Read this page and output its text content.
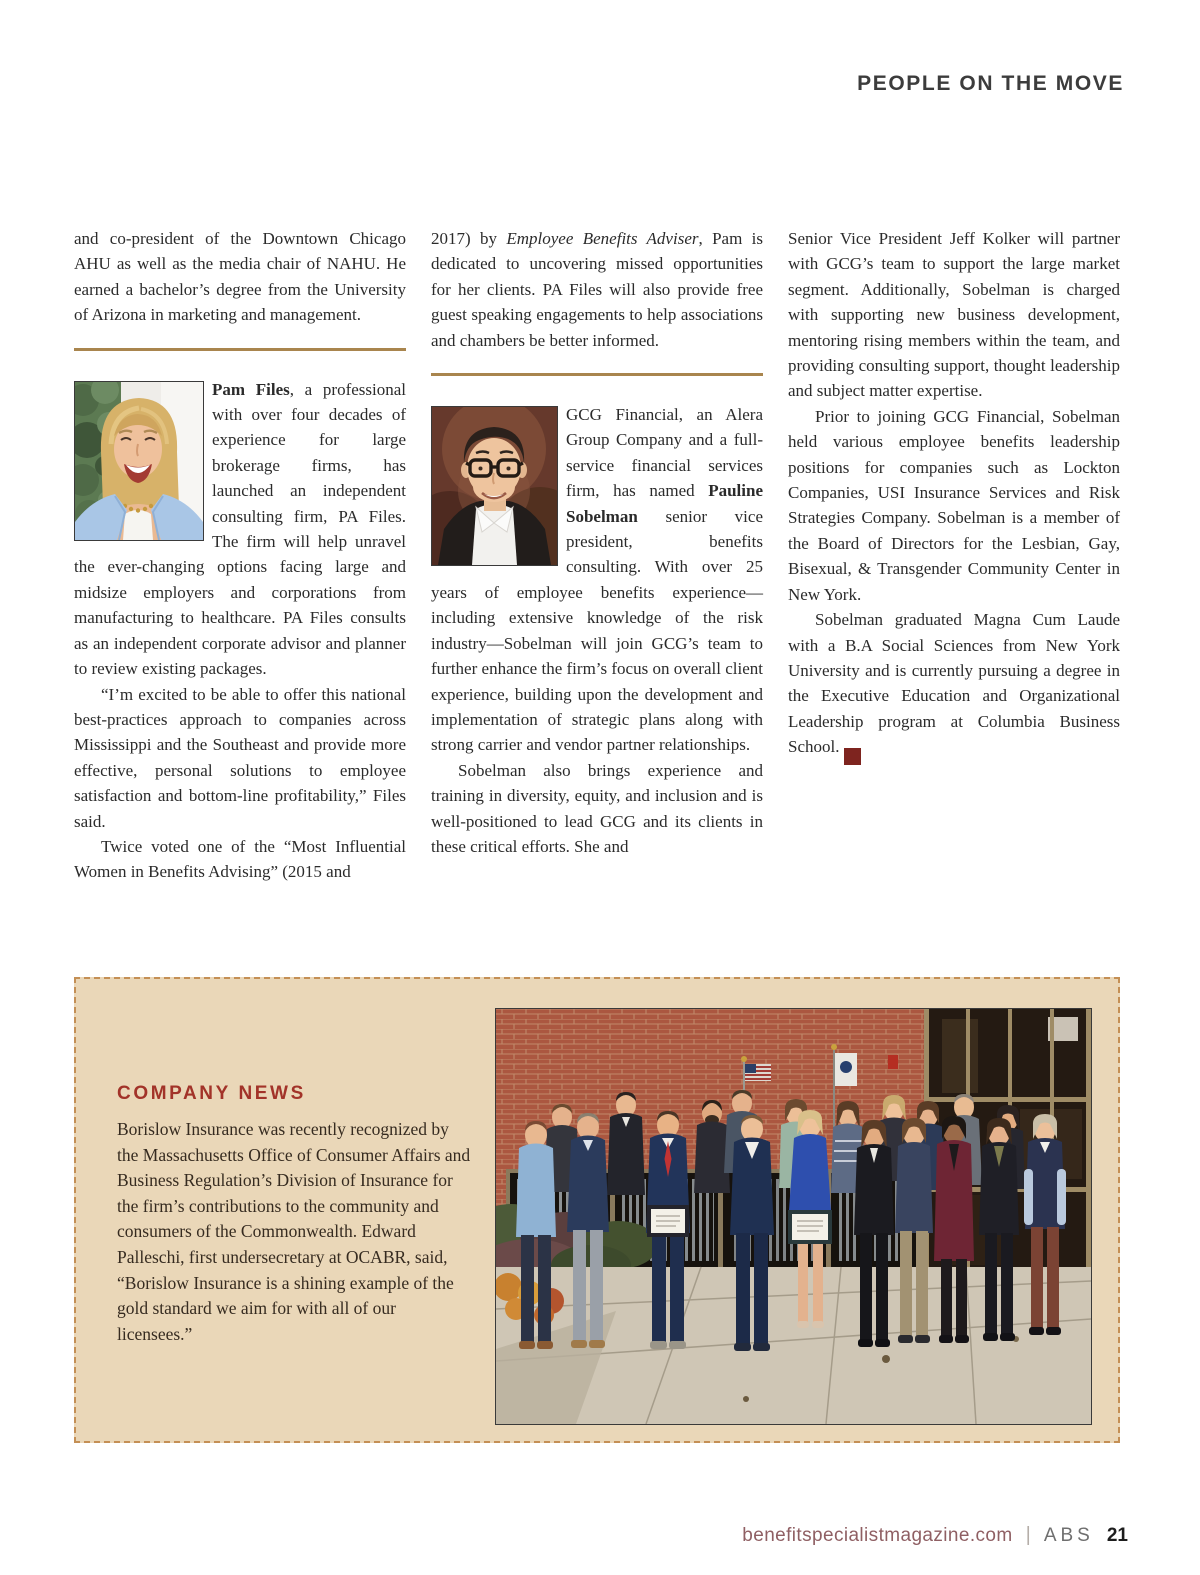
PEOPLE ON THE MOVE

and co-president of the Downtown Chicago AHU as well as the media chair of NAHU. He earned a bachelor’s degree from the University of Arizona in marketing and management.

Pam Files, a professional with over four decades of experience for large brokerage firms, has launched an independent consulting firm, PA Files. The firm will help unravel the ever-changing options facing large and midsize employers and corporations from manufacturing to healthcare. PA Files consults as an independent corporate advisor and planner to review existing packages.

“I’m excited to be able to offer this national best-practices approach to companies across Mississippi and the Southeast and provide more effective, personal solutions to employee satisfaction and bottom-line profitability,” Files said.

Twice voted one of the “Most Influential Women in Benefits Advising” (2015 and

2017) by Employee Benefits Adviser, Pam is dedicated to uncovering missed opportunities for her clients. PA Files will also provide free guest speaking engagements to help associations and chambers be better informed.

GCG Financial, an Alera Group Company and a full-service financial services firm, has named Pauline Sobelman senior vice president, benefits consulting. With over 25 years of employee benefits experience—including extensive knowledge of the risk industry—Sobelman will join GCG’s team to further enhance the firm’s focus on overall client experience, building upon the development and implementation of strategic plans along with strong carrier and vendor partner relationships.

Sobelman also brings experience and training in diversity, equity, and inclusion and is well-positioned to lead GCG and its clients in these critical efforts. She and

Senior Vice President Jeff Kolker will partner with GCG’s team to support the large market segment. Additionally, Sobelman is charged with supporting new business development, mentoring rising members within the team, and providing consulting support, thought leadership and subject matter expertise.

Prior to joining GCG Financial, Sobelman held various employee benefits leadership positions for companies such as Lockton Companies, USI Insurance Services and Risk Strategies Company. Sobelman is a member of the Board of Directors for the Lesbian, Gay, Bisexual, & Transgender Community Center in New York.

Sobelman graduated Magna Cum Laude with a B.A Social Sciences from New York University and is currently pursuing a degree in the Executive Education and Organizational Leadership program at Columbia Business School.	A
BS

COMPANY NEWS

Borislow Insurance was recently recognized by the Massachusetts Office of Consumer Affairs and Business Regulation’s Division of Insurance for the firm’s contributions to the community and consumers of the Commonwealth. Edward Palleschi, first undersecretary at OCABR, said, “Borislow Insurance is a shining example of the gold standard we aim for with all of our licensees.”

benefitspecialistmagazine.com | ABS 21
